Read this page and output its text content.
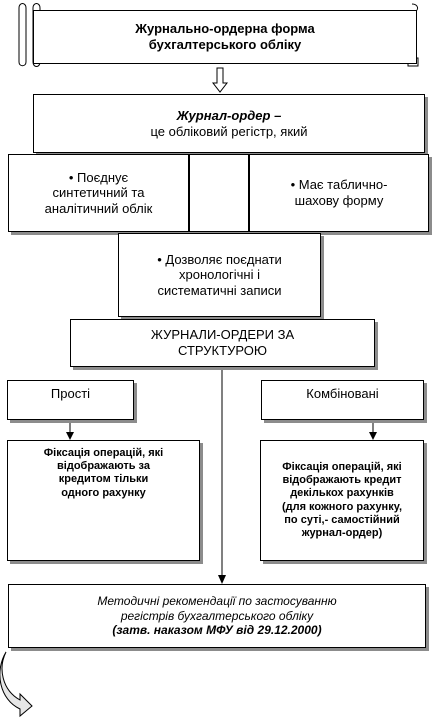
Журнально-ордерна форма
бухгалтерського обліку
Журнал-ордер –
це обліковий регістр, який
• Поєднує
синтетичний та
аналітичний облік
• Має таблично-
шахову форму
• Дозволяє поєднати
хронологічні і
систематичні записи
ЖУРНАЛИ-ОРДЕРИ ЗА
СТРУКТУРОЮ
Прості	Комбіновані
Фіксація операцій, які
відображають за
кредитом тільки
одного рахунку
Фіксація операцій, які
відображають кредит
декількох рахунків
(для кожного рахунку,
по суті,- самостійний
журнал-ордер)
Методичні рекомендації по застосуванню
регістрів бухгалтерського обліку
(затв. наказом МФУ від 29.12.2000)
